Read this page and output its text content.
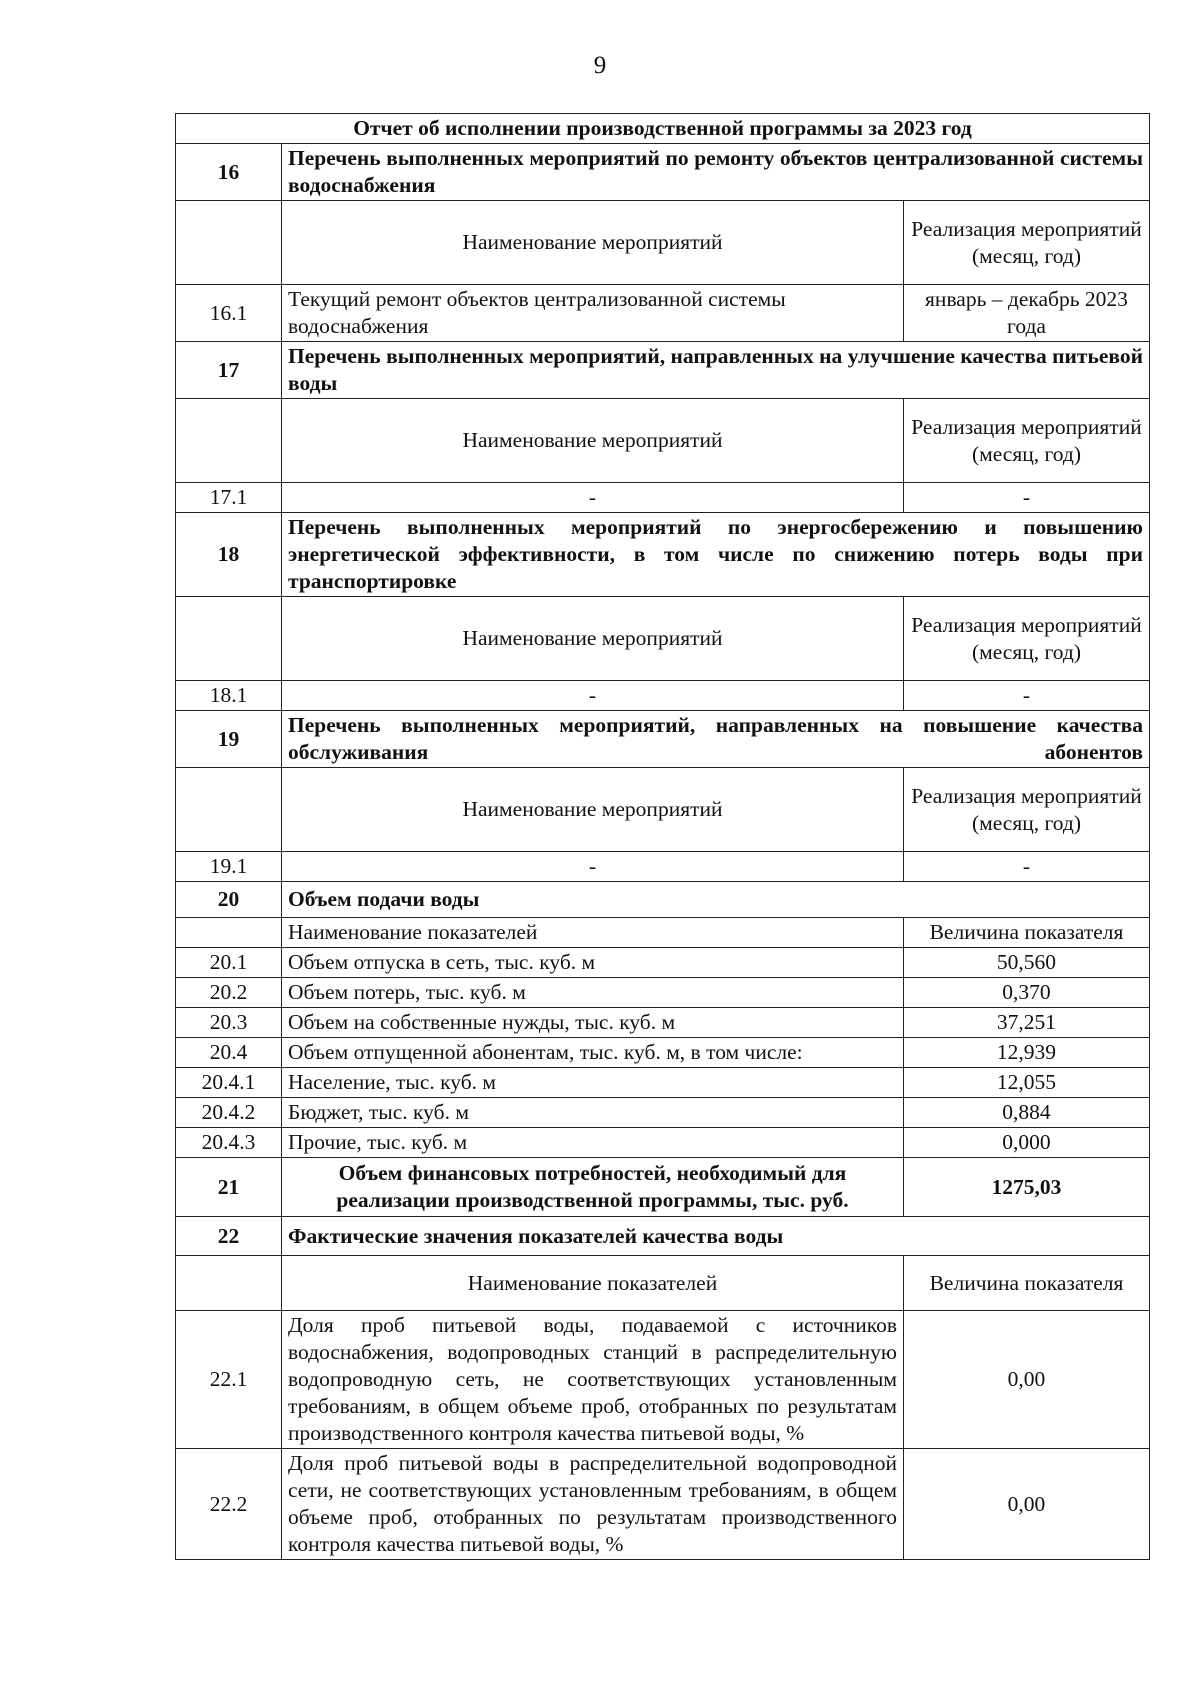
9
Отчет об исполнении производственной программы за 2023 год		
16	Перечень выполненных мероприятий по ремонту объектов централизованной системы водоснабжения	
	Наименование мероприятий	Реализация мероприятий (месяц, год)
16.1	Текущий ремонт объектов централизованной системы водоснабжения	январь – декабрь 2023 года
17	Перечень выполненных мероприятий, направленных на улучшение качества питьевой воды	
	Наименование мероприятий	Реализация мероприятий (месяц, год)
17.1	-	-
18	Перечень выполненных мероприятий по энергосбережению и повышению энергетической эффективности, в том числе по снижению потерь воды при транспортировке	
	Наименование мероприятий	Реализация мероприятий (месяц, год)
18.1	-	-
19	Перечень выполненных мероприятий, направленных на повышение качества обслуживания абонентов	
	Наименование мероприятий	Реализация мероприятий (месяц, год)
19.1	-	-
20	Объем подачи воды	
	Наименование показателей	Величина показателя
20.1	Объем отпуска в сеть, тыс. куб. м	50,560
20.2	Объем потерь, тыс. куб. м	0,370
20.3	Объем на собственные нужды, тыс. куб. м	37,251
20.4	Объем отпущенной абонентам, тыс. куб. м, в том числе:	12,939
20.4.1	Население, тыс. куб. м	12,055
20.4.2	Бюджет, тыс. куб. м	0,884
20.4.3	Прочие, тыс. куб. м	0,000
21	Объем финансовых потребностей, необходимый для реализации производственной программы, тыс. руб.	1275,03
22	Фактические значения показателей качества воды	
	Наименование показателей	Величина показателя
22.1	Доля проб питьевой воды, подаваемой с источников водоснабжения, водопроводных станций в распределительную водопроводную сеть, не соответствующих установленным требованиям, в общем объеме проб, отобранных по результатам производственного контроля качества питьевой воды, %	0,00
22.2	Доля проб питьевой воды в распределительной водопроводной сети, не соответствующих установленным требованиям, в общем объеме проб, отобранных по результатам производственного контроля качества питьевой воды, %	0,00
